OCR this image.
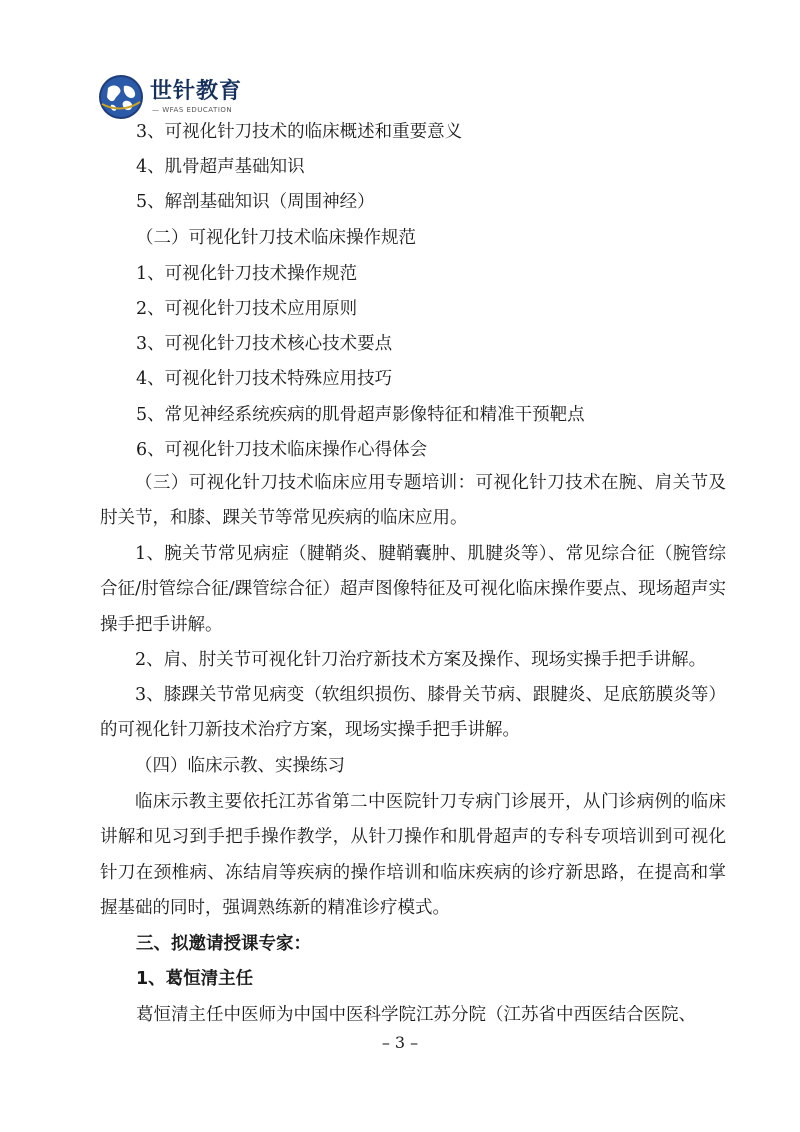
世针教育
— WFAS EDUCATION
3、可视化针刀技术的临床概述和重要意义
4、肌骨超声基础知识
5、解剖基础知识（周围神经）
（二）可视化针刀技术临床操作规范
1、可视化针刀技术操作规范
2、可视化针刀技术应用原则
3、可视化针刀技术核心技术要点
4、可视化针刀技术特殊应用技巧
5、常见神经系统疾病的肌骨超声影像特征和精准干预靶点
6、可视化针刀技术临床操作心得体会

（三）可视化针刀技术临床应用专题培训：可视化针刀技术在腕、肩关节及肘关节，和膝、踝关节等常见疾病的临床应用。

1、腕关节常见病症（腱鞘炎、腱鞘囊肿、肌腱炎等）、常见综合征（腕管综合征/肘管综合征/踝管综合征）超声图像特征及可视化临床操作要点、现场超声实操手把手讲解。

2、肩、肘关节可视化针刀治疗新技术方案及操作、现场实操手把手讲解。

3、膝踝关节常见病变（软组织损伤、膝骨关节病、跟腱炎、足底筋膜炎等）的可视化针刀新技术治疗方案，现场实操手把手讲解。

（四）临床示教、实操练习

临床示教主要依托江苏省第二中医院针刀专病门诊展开，从门诊病例的临床讲解和见习到手把手操作教学，从针刀操作和肌骨超声的专科专项培训到可视化针刀在颈椎病、冻结肩等疾病的操作培训和临床疾病的诊疗新思路，在提高和掌握基础的同时，强调熟练新的精准诊疗模式。

三、拟邀请授课专家：
1、葛恒清主任
葛恒清主任中医师为中国中医科学院江苏分院（江苏省中西医结合医院、
– 3 –
